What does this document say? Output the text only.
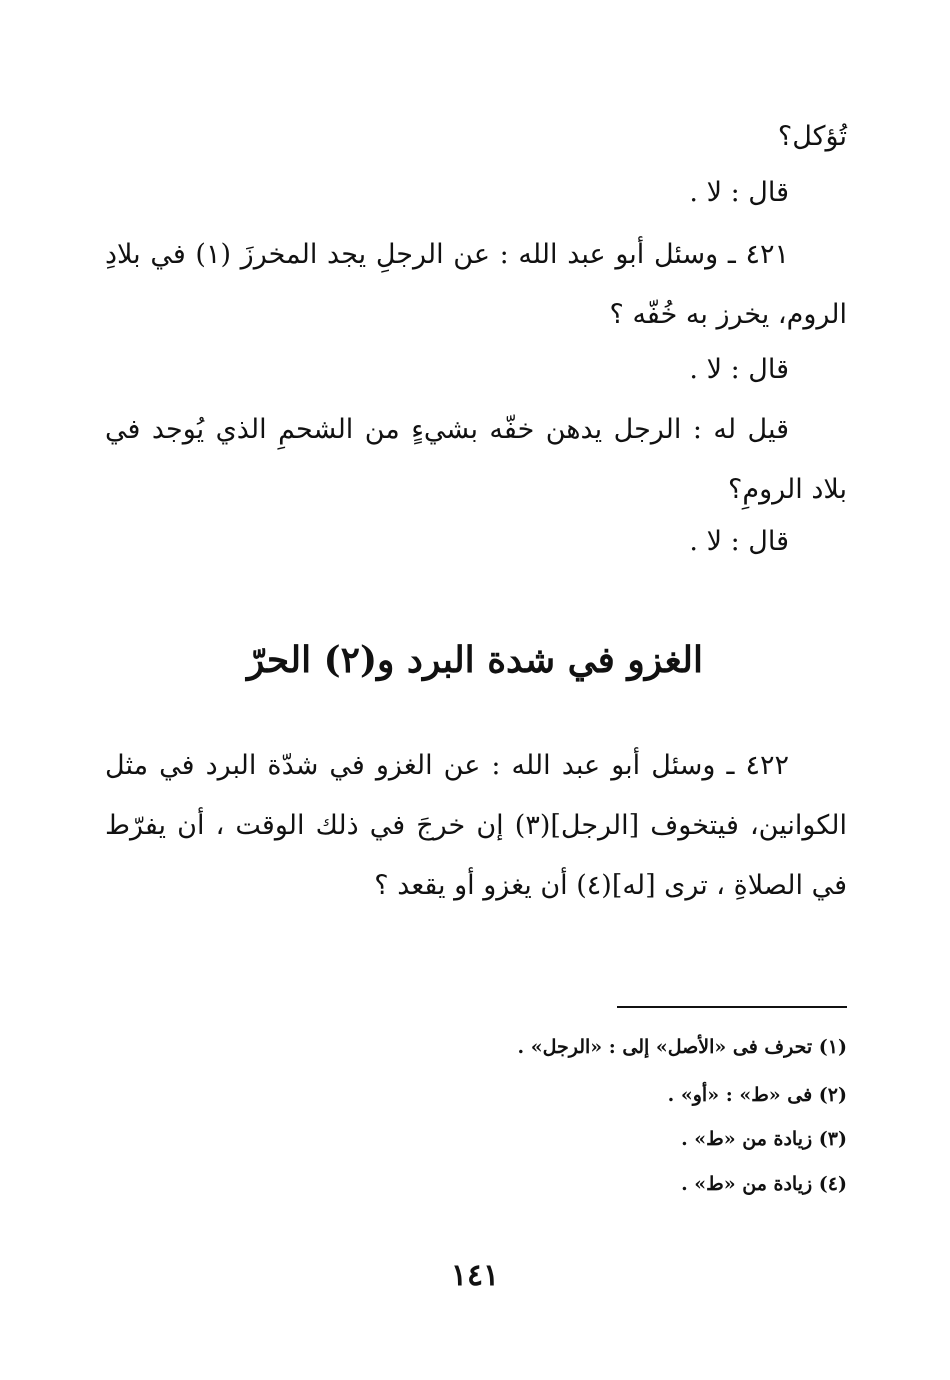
تُؤكل؟

قال : لا .

٤٢١ ـ وسئل أبو عبد الله : عن الرجلِ يجد المخرزَ (١) في بلادِ الروم، يخرز به خُفّه ؟

قال : لا .

قيل له : الرجل يدهن خفّه بشيءٍ من الشحمِ الذي يُوجد في بلاد الرومِ؟

قال : لا .

الغزو في شدة البرد و(٢) الحرّ

٤٢٢ ـ وسئل أبو عبد الله : عن الغزو في شدّة البرد في مثل الكوانين، فيتخوف [الرجل](٣) إن خرجَ في ذلك الوقت ، أن يفرّط في الصلاةِ ، ترى [له](٤) أن يغزو أو يقعد ؟

(١) تحرف فى «الأصل» إلى : «الرجل» .

(٢) فى «ط» : «أو» .

(٣) زيادة من «ط» .

(٤) زيادة من «ط» .

١٤١
